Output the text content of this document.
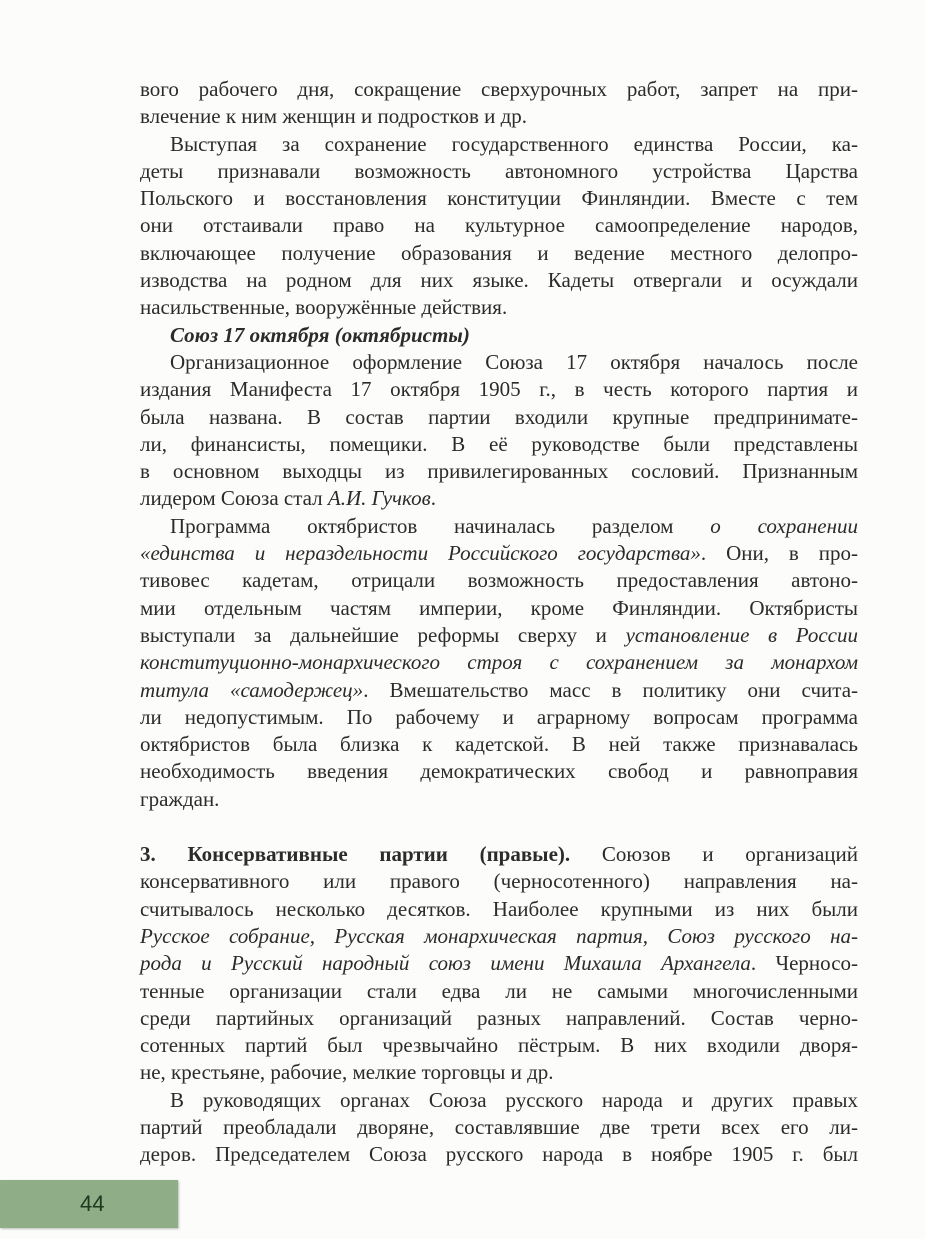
вого рабочего дня, сокращение сверхурочных работ, запрет на при-
влечение к ним женщин и подростков и др.
Выступая за сохранение государственного единства России, ка-
деты признавали возможность автономного устройства Царства
Польского и восстановления конституции Финляндии. Вместе с тем
они отстаивали право на культурное самоопределение народов,
включающее получение образования и ведение местного делопро-
изводства на родном для них языке. Кадеты отвергали и осуждали
насильственные, вооружённые действия.
Союз 17 октября (октябристы)
Организационное оформление Союза 17 октября началось после
издания Манифеста 17 октября 1905 г., в честь которого партия и
была названа. В состав партии входили крупные предпринимате-
ли, финансисты, помещики. В её руководстве были представлены
в основном выходцы из привилегированных сословий. Признанным
лидером Союза стал А.И. Гучков.
Программа октябристов начиналась разделом о сохранении
«единства и нераздельности Российского государства». Они, в про-
тивовес кадетам, отрицали возможность предоставления автоно-
мии отдельным частям империи, кроме Финляндии. Октябристы
выступали за дальнейшие реформы сверху и установление в России
конституционно-монархического строя с сохранением за монархом
титула «самодержец». Вмешательство масс в политику они счита-
ли недопустимым. По рабочему и аграрному вопросам программа
октябристов была близка к кадетской. В ней также признавалась
необходимость введения демократических свобод и равноправия
граждан.
3. Консервативные партии (правые). Союзов и организаций
консервативного или правого (черносотенного) направления на-
считывалось несколько десятков. Наиболее крупными из них были
Русское собрание, Русская монархическая партия, Союз русского на-
рода и Русский народный союз имени Михаила Архангела. Черносо-
тенные организации стали едва ли не самыми многочисленными
среди партийных организаций разных направлений. Состав черно-
сотенных партий был чрезвычайно пёстрым. В них входили дворя-
не, крестьяне, рабочие, мелкие торговцы и др.
В руководящих органах Союза русского народа и других правых
партий преобладали дворяне, составлявшие две трети всех его ли-
деров. Председателем Союза русского народа в ноябре 1905 г. был
44
